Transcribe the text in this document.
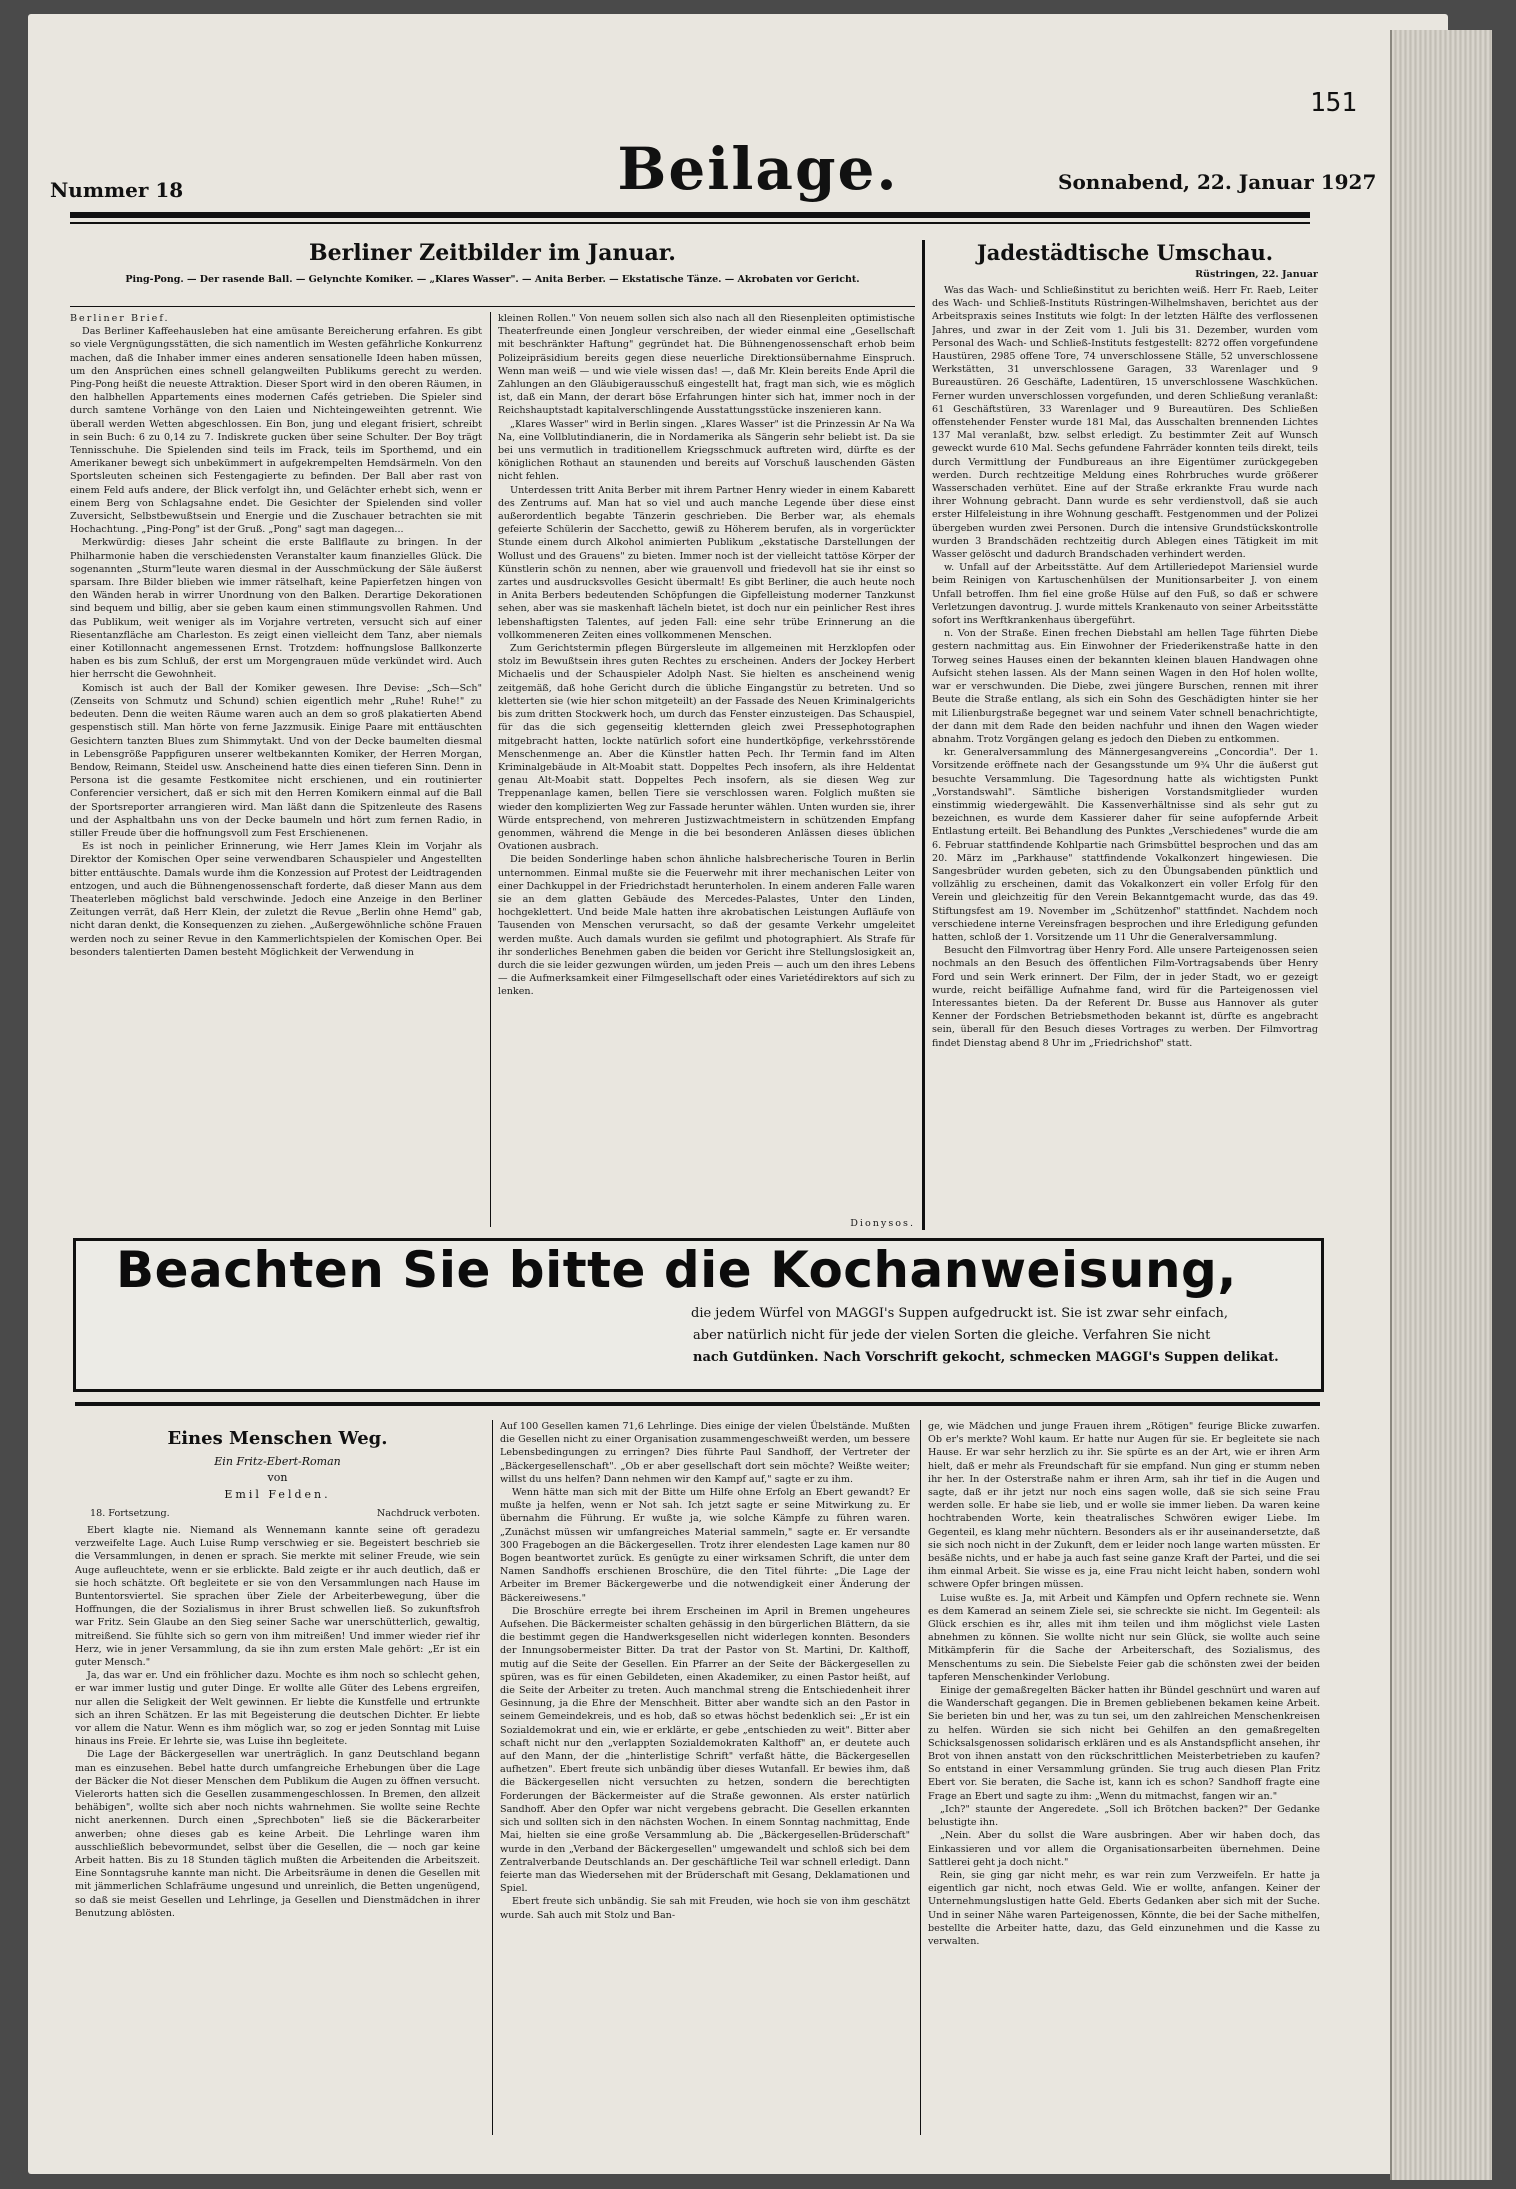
151
Nummer 18	Beilage.	Sonnabend, 22. Januar 1927
Berliner Zeitbilder im Januar.
Ping-Pong. — Der rasende Ball. — Gelynchte Komiker. — „Klares Wasser". — Anita Berber. — Ekstatische Tänze. — Akrobaten vor Gericht.

Berliner Brief.

Das Berliner Kaffeehausleben hat eine amüsante Bereicherung erfahren. Es gibt so viele Vergnügungsstätten, die sich namentlich im Westen gefährliche Konkurrenz machen, daß die Inhaber immer eines anderen sensationelle Ideen haben müssen, um den Ansprüchen eines schnell gelangweilten Publikums gerecht zu werden. Ping-Pong heißt die neueste Attraktion. Dieser Sport wird in den oberen Räumen, in den halbhellen Appartements eines modernen Cafés getrieben. Die Spieler sind durch samtene Vorhänge von den Laien und Nichteingeweihten getrennt. Wie überall werden Wetten abgeschlossen. Ein Bon, jung und elegant frisiert, schreibt in sein Buch: 6 zu 0,14 zu 7. Indiskrete gucken über seine Schulter. Der Boy trägt Tennisschuhe. Die Spielenden sind teils im Frack, teils im Sporthemd, und ein Amerikaner bewegt sich unbekümmert in aufgekrempelten Hemdsärmeln. Von den Sportsleuten scheinen sich Festengagierte zu befinden. Der Ball aber rast von einem Feld aufs andere, der Blick verfolgt ihn, und Gelächter erhebt sich, wenn er einem Berg von Schlagsahne endet. Die Gesichter der Spielenden sind voller Zuversicht, Selbstbewußtsein und Energie und die Zuschauer betrachten sie mit Hochachtung. „Ping-Pong" ist der Gruß. „Pong" sagt man dagegen...

Merkwürdig: dieses Jahr scheint die erste Ballflaute zu bringen. In der Philharmonie haben die verschiedensten Veranstalter kaum finanzielles Glück. Die sogenannten „Sturm"leute waren diesmal in der Ausschmückung der Säle äußerst sparsam. Ihre Bilder blieben wie immer rätselhaft, keine Papierfetzen hingen von den Wänden herab in wirrer Unordnung von den Balken. Derartige Dekorationen sind bequem und billig, aber sie geben kaum einen stimmungsvollen Rahmen. Und das Publikum, weit weniger als im Vorjahre vertreten, versucht sich auf einer Riesentanzfläche am Charleston. Es zeigt einen vielleicht dem Tanz, aber niemals einer Kotillonnacht angemessenen Ernst. Trotzdem: hoffnungslose Ballkonzerte haben es bis zum Schluß, der erst um Morgengrauen müde verkündet wird. Auch hier herrscht die Gewohnheit.

Komisch ist auch der Ball der Komiker gewesen. Ihre Devise: „Sch—Sch" (Zenseits von Schmutz und Schund) schien eigentlich mehr „Ruhe! Ruhe!" zu bedeuten. Denn die weiten Räume waren auch an dem so groß plakatierten Abend gespenstisch still. Man hörte von ferne Jazzmusik. Einige Paare mit enttäuschten Gesichtern tanzten Blues zum Shimmytakt. Und von der Decke baumelten diesmal in Lebensgröße Pappfiguren unserer weltbekannten Komiker, der Herren Morgan, Bendow, Reimann, Steidel usw. Anscheinend hatte dies einen tieferen Sinn. Denn in Persona ist die gesamte Festkomitee nicht erschienen, und ein routinierter Conferencier versichert, daß er sich mit den Herren Komikern einmal auf die Ball der Sportsreporter arrangieren wird. Man läßt dann die Spitzenleute des Rasens und der Asphaltbahn uns von der Decke baumeln und hört zum fernen Radio, in stiller Freude über die hoffnungsvoll zum Fest Erschienenen.

Es ist noch in peinlicher Erinnerung, wie Herr James Klein im Vorjahr als Direktor der Komischen Oper seine verwendbaren Schauspieler und Angestellten bitter enttäuschte. Damals wurde ihm die Konzession auf Protest der Leidtragenden entzogen, und auch die Bühnengenossenschaft forderte, daß dieser Mann aus dem Theaterleben möglichst bald verschwinde. Jedoch eine Anzeige in den Berliner Zeitungen verrät, daß Herr Klein, der zuletzt die Revue „Berlin ohne Hemd" gab, nicht daran denkt, die Konsequenzen zu ziehen. „Außergewöhnliche schöne Frauen werden noch zu seiner Revue in den Kammerlichtspielen der Komischen Oper. Bei besonders talentierten Damen besteht Möglichkeit der Verwendung in

kleinen Rollen." Von neuem sollen sich also nach all den Riesenpleiten optimistische Theaterfreunde einen Jongleur verschreiben, der wieder einmal eine „Gesellschaft mit beschränkter Haftung" gegründet hat. Die Bühnengenossenschaft erhob beim Polizeipräsidium bereits gegen diese neuerliche Direktionsübernahme Einspruch. Wenn man weiß — und wie viele wissen das! —, daß Mr. Klein bereits Ende April die Zahlungen an den Gläubigerausschuß eingestellt hat, fragt man sich, wie es möglich ist, daß ein Mann, der derart böse Erfahrungen hinter sich hat, immer noch in der Reichshauptstadt kapitalverschlingende Ausstattungsstücke inszenieren kann.

„Klares Wasser" wird in Berlin singen. „Klares Wasser" ist die Prinzessin Ar Na Wa Na, eine Vollblutindianerin, die in Nordamerika als Sängerin sehr beliebt ist. Da sie bei uns vermutlich in traditionellem Kriegsschmuck auftreten wird, dürfte es der königlichen Rothaut an staunenden und bereits auf Vorschuß lauschenden Gästen nicht fehlen.

Unterdessen tritt Anita Berber mit ihrem Partner Henry wieder in einem Kabarett des Zentrums auf. Man hat so viel und auch manche Legende über diese einst außerordentlich begabte Tänzerin geschrieben. Die Berber war, als ehemals gefeierte Schülerin der Sacchetto, gewiß zu Höherem berufen, als in vorgerückter Stunde einem durch Alkohol animierten Publikum „ekstatische Darstellungen der Wollust und des Grauens" zu bieten. Immer noch ist der vielleicht tattöse Körper der Künstlerin schön zu nennen, aber wie grauenvoll und friedevoll hat sie ihr einst so zartes und ausdrucksvolles Gesicht übermalt! Es gibt Berliner, die auch heute noch in Anita Berbers bedeutenden Schöpfungen die Gipfelleistung moderner Tanzkunst sehen, aber was sie maskenhaft lächeln bietet, ist doch nur ein peinlicher Rest ihres lebenshaftigsten Talentes, auf jeden Fall: eine sehr trübe Erinnerung an die vollkommeneren Zeiten eines vollkommenen Menschen.

Zum Gerichtstermin pflegen Bürgersleute im allgemeinen mit Herzklopfen oder stolz im Bewußtsein ihres guten Rechtes zu erscheinen. Anders der Jockey Herbert Michaelis und der Schauspieler Adolph Nast. Sie hielten es anscheinend wenig zeitgemäß, daß hohe Gericht durch die übliche Eingangstür zu betreten. Und so kletterten sie (wie hier schon mitgeteilt) an der Fassade des Neuen Kriminalgerichts bis zum dritten Stockwerk hoch, um durch das Fenster einzusteigen. Das Schauspiel, für das die sich gegenseitig kletternden gleich zwei Pressephotographen mitgebracht hatten, lockte natürlich sofort eine hundertköpfige, verkehrsstörende Menschenmenge an. Aber die Künstler hatten Pech. Ihr Termin fand im Alten Kriminalgebäude in Alt-Moabit statt. Doppeltes Pech insofern, als ihre Heldentat genau Alt-Moabit statt. Doppeltes Pech insofern, als sie diesen Weg zur Treppenanlage kamen, bellen Tiere sie verschlossen waren. Folglich mußten sie wieder den komplizierten Weg zur Fassade herunter wählen. Unten wurden sie, ihrer Würde entsprechend, von mehreren Justizwachtmeistern in schützenden Empfang genommen, während die Menge in die bei besonderen Anlässen dieses üblichen Ovationen ausbrach.

Die beiden Sonderlinge haben schon ähnliche halsbrecherische Touren in Berlin unternommen. Einmal mußte sie die Feuerwehr mit ihrer mechanischen Leiter von einer Dachkuppel in der Friedrichstadt herunterholen. In einem anderen Falle waren sie an dem glatten Gebäude des Mercedes-Palastes, Unter den Linden, hochgeklettert. Und beide Male hatten ihre akrobatischen Leistungen Aufläufe von Tausenden von Menschen verursacht, so daß der gesamte Verkehr umgeleitet werden mußte. Auch damals wurden sie gefilmt und photographiert. Als Strafe für ihr sonderliches Benehmen gaben die beiden vor Gericht ihre Stellungslosigkeit an, durch die sie leider gezwungen würden, um jeden Preis — auch um den ihres Lebens — die Aufmerksamkeit einer Filmgesellschaft oder eines Varietédirektors auf sich zu lenken.

Dionysos.
Jadestädtische Umschau.
Rüstringen, 22. Januar

Was das Wach- und Schließinstitut zu berichten weiß. Herr Fr. Raeb, Leiter des Wach- und Schließ-Instituts Rüstringen-Wilhelmshaven, berichtet aus der Arbeitspraxis seines Instituts wie folgt: In der letzten Hälfte des verflossenen Jahres, und zwar in der Zeit vom 1. Juli bis 31. Dezember, wurden vom Personal des Wach- und Schließ-Instituts festgestellt: 8272 offen vorgefundene Haustüren, 2985 offene Tore, 74 unverschlossene Ställe, 52 unverschlossene Werkstätten, 31 unverschlossene Garagen, 33 Warenlager und 9 Bureaustüren. 26 Geschäfte, Ladentüren, 15 unverschlossene Waschküchen. Ferner wurden unverschlossen vorgefunden, und deren Schließung veranlaßt: 61 Geschäftstüren, 33 Warenlager und 9 Bureautüren. Des Schließen offenstehender Fenster wurde 181 Mal, das Ausschalten brennenden Lichtes 137 Mal veranlaßt, bzw. selbst erledigt. Zu bestimmter Zeit auf Wunsch geweckt wurde 610 Mal. Sechs gefundene Fahrräder konnten teils direkt, teils durch Vermittlung der Fundbureaus an ihre Eigentümer zurückgegeben werden. Durch rechtzeitige Meldung eines Rohrbruches wurde größerer Wasserschaden verhütet. Eine auf der Straße erkrankte Frau wurde nach ihrer Wohnung gebracht. Dann wurde es sehr verdienstvoll, daß sie auch erster Hilfeleistung in ihre Wohnung geschafft. Festgenommen und der Polizei übergeben wurden zwei Personen. Durch die intensive Grundstückskontrolle wurden 3 Brandschäden rechtzeitig durch Ablegen eines Tätigkeit im mit Wasser gelöscht und dadurch Brandschaden verhindert werden.

w. Unfall auf der Arbeitsstätte. Auf dem Artilleriedepot Mariensiel wurde beim Reinigen von Kartuschenhülsen der Munitionsarbeiter J. von einem Unfall betroffen. Ihm fiel eine große Hülse auf den Fuß, so daß er schwere Verletzungen davontrug. J. wurde mittels Krankenauto von seiner Arbeitsstätte sofort ins Werftkrankenhaus übergeführt.

n. Von der Straße. Einen frechen Diebstahl am hellen Tage führten Diebe gestern nachmittag aus. Ein Einwohner der Friederikenstraße hatte in den Torweg seines Hauses einen der bekannten kleinen blauen Handwagen ohne Aufsicht stehen lassen. Als der Mann seinen Wagen in den Hof holen wollte, war er verschwunden. Die Diebe, zwei jüngere Burschen, rennen mit ihrer Beute die Straße entlang, als sich ein Sohn des Geschädigten hinter sie her mit Lilienburgstraße begegnet war und seinem Vater schnell benachrichtigte, der dann mit dem Rade den beiden nachfuhr und ihnen den Wagen wieder abnahm. Trotz Vorgängen gelang es jedoch den Dieben zu entkommen.

kr. Generalversammlung des Männergesangvereins „Concordia". Der 1. Vorsitzende eröffnete nach der Gesangsstunde um 9¾ Uhr die äußerst gut besuchte Versammlung. Die Tagesordnung hatte als wichtigsten Punkt „Vorstandswahl". Sämtliche bisherigen Vorstandsmitglieder wurden einstimmig wiedergewählt. Die Kassenverhältnisse sind als sehr gut zu bezeichnen, es wurde dem Kassierer daher für seine aufopfernde Arbeit Entlastung erteilt. Bei Behandlung des Punktes „Verschiedenes" wurde die am 6. Februar stattfindende Kohlpartie nach Grimsbüttel besprochen und das am 20. März im „Parkhause" stattfindende Vokalkonzert hingewiesen. Die Sangesbrüder wurden gebeten, sich zu den Übungsabenden pünktlich und vollzählig zu erscheinen, damit das Vokalkonzert ein voller Erfolg für den Verein und gleichzeitig für den Verein Bekanntgemacht wurde, das das 49. Stiftungsfest am 19. November im „Schützenhof" stattfindet. Nachdem noch verschiedene interne Vereinsfragen besprochen und ihre Erledigung gefunden hatten, schloß der 1. Vorsitzende um 11 Uhr die Generalversammlung.

Besucht den Filmvortrag über Henry Ford. Alle unsere Parteigenossen seien nochmals an den Besuch des öffentlichen Film-Vortragsabends über Henry Ford und sein Werk erinnert. Der Film, der in jeder Stadt, wo er gezeigt wurde, reicht beifällige Aufnahme fand, wird für die Parteigenossen viel Interessantes bieten. Da der Referent Dr. Busse aus Hannover als guter Kenner der Fordschen Betriebsmethoden bekannt ist, dürfte es angebracht sein, überall für den Besuch dieses Vortrages zu werben. Der Filmvortrag findet Dienstag abend 8 Uhr im „Friedrichshof" statt.

Beachten Sie bitte die Kochanweisung,
die jedem Würfel von MAGGI's Suppen aufgedruckt ist. Sie ist zwar sehr einfach,
aber natürlich nicht für jede der vielen Sorten die gleiche. Verfahren Sie nicht
nach Gutdünken. Nach Vorschrift gekocht, schmecken MAGGI's Suppen delikat.
Eines Menschen Weg.
Ein Fritz-Ebert-Roman
von
Emil Felden.
18. Fortsetzung.	Nachdruck verboten.

Ebert klagte nie. Niemand als Wennemann kannte seine oft geradezu verzweifelte Lage. Auch Luise Rump verschwieg er sie. Begeistert beschrieb sie die Versammlungen, in denen er sprach. Sie merkte mit seliner Freude, wie sein Auge aufleuchtete, wenn er sie erblickte. Bald zeigte er ihr auch deutlich, daß er sie hoch schätzte. Oft begleitete er sie von den Versammlungen nach Hause im Buntentorsviertel. Sie sprachen über Ziele der Arbeiterbewegung, über die Hoffnungen, die der Sozialismus in ihrer Brust schwellen ließ. So zukunftsfroh war Fritz. Sein Glaube an den Sieg seiner Sache war unerschütterlich, gewaltig, mitreißend. Sie fühlte sich so gern von ihm mitreißen! Und immer wieder rief ihr Herz, wie in jener Versammlung, da sie ihn zum ersten Male gehört: „Er ist ein guter Mensch."

Ja, das war er. Und ein fröhlicher dazu. Mochte es ihm noch so schlecht gehen, er war immer lustig und guter Dinge. Er wollte alle Güter des Lebens ergreifen, nur allen die Seligkeit der Welt gewinnen. Er liebte die Kunstfelle und ertrunkte sich an ihren Schätzen. Er las mit Begeisterung die deutschen Dichter. Er liebte vor allem die Natur. Wenn es ihm möglich war, so zog er jeden Sonntag mit Luise hinaus ins Freie. Er lehrte sie, was Luise ihn begleitete.

Die Lage der Bäckergesellen war unerträglich. In ganz Deutschland begann man es einzusehen. Bebel hatte durch umfangreiche Erhebungen über die Lage der Bäcker die Not dieser Menschen dem Publikum die Augen zu öffnen versucht. Vielerorts hatten sich die Gesellen zusammengeschlossen. In Bremen, den allzeit behäbigen", wollte sich aber noch nichts wahrnehmen. Sie wollte seine Rechte nicht anerkennen. Durch einen „Sprechboten" ließ sie die Bäckerarbeiter anwerben; ohne dieses gab es keine Arbeit. Die Lehrlinge waren ihm ausschließlich bebevormundet, selbst über die Gesellen, die — noch gar keine Arbeit hatten. Bis zu 18 Stunden täglich mußten die Arbeitenden die Arbeitszeit. Eine Sonntagsruhe kannte man nicht. Die Arbeitsräume in denen die Gesellen mit mit jämmerlichen Schlafräume ungesund und unreinlich, die Betten ungenügend, so daß sie meist Gesellen und Lehrlinge, ja Gesellen und Dienstmädchen in ihrer Benutzung ablösten.

Auf 100 Gesellen kamen 71,6 Lehrlinge. Dies einige der vielen Übelstände. Mußten die Gesellen nicht zu einer Organisation zusammengeschweißt werden, um bessere Lebensbedingungen zu erringen? Dies führte Paul Sandhoff, der Vertreter der „Bäckergesellenschaft". „Ob er aber gesellschaft dort sein möchte? Weißte weiter; willst du uns helfen? Dann nehmen wir den Kampf auf," sagte er zu ihm.

Wenn hätte man sich mit der Bitte um Hilfe ohne Erfolg an Ebert gewandt? Er mußte ja helfen, wenn er Not sah. Ich jetzt sagte er seine Mitwirkung zu. Er übernahm die Führung. Er wußte ja, wie solche Kämpfe zu führen waren. „Zunächst müssen wir umfangreiches Material sammeln," sagte er. Er versandte 300 Fragebogen an die Bäckergesellen. Trotz ihrer elendesten Lage kamen nur 80 Bogen beantwortet zurück. Es genügte zu einer wirksamen Schrift, die unter dem Namen Sandhoffs erschienen Broschüre, die den Titel führte: „Die Lage der Arbeiter im Bremer Bäckergewerbe und die notwendigkeit einer Änderung der Bäckereiwesens."

Die Broschüre erregte bei ihrem Erscheinen im April in Bremen ungeheures Aufsehen. Die Bäckermeister schalten gehässig in den bürgerlichen Blättern, da sie die bestimmt gegen die Handwerksgesellen nicht widerlegen konnten. Besonders der Innungsobermeister Bitter. Da trat der Pastor von St. Martini, Dr. Kalthoff, mutig auf die Seite der Gesellen. Ein Pfarrer an der Seite der Bäckergesellen zu spüren, was es für einen Gebildeten, einen Akademiker, zu einen Pastor heißt, auf die Seite der Arbeiter zu treten. Auch manchmal streng die Entschiedenheit ihrer Gesinnung, ja die Ehre der Menschheit. Bitter aber wandte sich an den Pastor in seinem Gemeindekreis, und es hob, daß so etwas höchst bedenklich sei: „Er ist ein Sozialdemokrat und ein, wie er erklärte, er gebe „entschieden zu weit". Bitter aber schaft nicht nur den „verlappten Sozialdemokraten Kalthoff" an, er deutete auch auf den Mann, der die „hinterlistige Schrift" verfaßt hätte, die Bäckergesellen aufhetzen". Ebert freute sich unbändig über dieses Wutanfall. Er bewies ihm, daß die Bäckergesellen nicht versuchten zu hetzen, sondern die berechtigten Forderungen der Bäckermeister auf die Straße gewonnen. Als erster natürlich Sandhoff. Aber den Opfer war nicht vergebens gebracht. Die Gesellen erkannten sich und sollten sich in den nächsten Wochen. In einem Sonntag nachmittag, Ende Mai, hielten sie eine große Versammlung ab. Die „Bäckergesellen-Brüderschaft" wurde in den „Verband der Bäckergesellen" umgewandelt und schloß sich bei dem Zentralverbande Deutschlands an. Der geschäftliche Teil war schnell erledigt. Dann feierte man das Wiedersehen mit der Brüderschaft mit Gesang, Deklamationen und Spiel.

Ebert freute sich unbändig. Sie sah mit Freuden, wie hoch sie von ihm geschätzt wurde. Sah auch mit Stolz und Ban-

ge, wie Mädchen und junge Frauen ihrem „Rötigen" feurige Blicke zuwarfen. Ob er's merkte? Wohl kaum. Er hatte nur Augen für sie. Er begleitete sie nach Hause. Er war sehr herzlich zu ihr. Sie spürte es an der Art, wie er ihren Arm hielt, daß er mehr als Freundschaft für sie empfand. Nun ging er stumm neben ihr her. In der Osterstraße nahm er ihren Arm, sah ihr tief in die Augen und sagte, daß er ihr jetzt nur noch eins sagen wolle, daß sie sich seine Frau werden solle. Er habe sie lieb, und er wolle sie immer lieben. Da waren keine hochtrabenden Worte, kein theatralisches Schwören ewiger Liebe. Im Gegenteil, es klang mehr nüchtern. Besonders als er ihr auseinandersetzte, daß sie sich noch nicht in der Zukunft, dem er leider noch lange warten müssten. Er besäße nichts, und er habe ja auch fast seine ganze Kraft der Partei, und die sei ihm einmal Arbeit. Sie wisse es ja, eine Frau nicht leicht haben, sondern wohl schwere Opfer bringen müssen.

Luise wußte es. Ja, mit Arbeit und Kämpfen und Opfern rechnete sie. Wenn es dem Kamerad an seinem Ziele sei, sie schreckte sie nicht. Im Gegenteil: als Glück erschien es ihr, alles mit ihm teilen und ihm möglichst viele Lasten abnehmen zu können. Sie wollte nicht nur sein Glück, sie wollte auch seine Mitkämpferin für die Sache der Arbeiterschaft, des Sozialismus, des Menschentums zu sein. Die Siebelste Feier gab die schönsten zwei der beiden tapferen Menschenkinder Verlobung.

Einige der gemaßregelten Bäcker hatten ihr Bündel geschnürt und waren auf die Wanderschaft gegangen. Die in Bremen gebliebenen bekamen keine Arbeit. Sie berieten bin und her, was zu tun sei, um den zahlreichen Menschenkreisen zu helfen. Würden sie sich nicht bei Gehilfen an den gemaßregelten Schicksalsgenossen solidarisch erklären und es als Anstandspflicht ansehen, ihr Brot von ihnen anstatt von den rückschrittlichen Meisterbetrieben zu kaufen? So entstand in einer Versammlung gründen. Sie trug auch diesen Plan Fritz Ebert vor. Sie beraten, die Sache ist, kann ich es schon? Sandhoff fragte eine Frage an Ebert und sagte zu ihm: „Wenn du mitmachst, fangen wir an."

„Ich?" staunte der Angeredete. „Soll ich Brötchen backen?" Der Gedanke belustigte ihn.

„Nein. Aber du sollst die Ware ausbringen. Aber wir haben doch, das Einkassieren und vor allem die Organisationsarbeiten übernehmen. Deine Sattlerei geht ja doch nicht."

Rein, sie ging gar nicht mehr, es war rein zum Verzweifeln. Er hatte ja eigentlich gar nicht, noch etwas Geld. Wie er wollte, anfangen. Keiner der Unternehmungslustigen hatte Geld. Eberts Gedanken aber sich mit der Suche. Und in seiner Nähe waren Parteigenossen, Könnte, die bei der Sache mithelfen, bestellte die Arbeiter hatte, dazu, das Geld einzunehmen und die Kasse zu verwalten.
